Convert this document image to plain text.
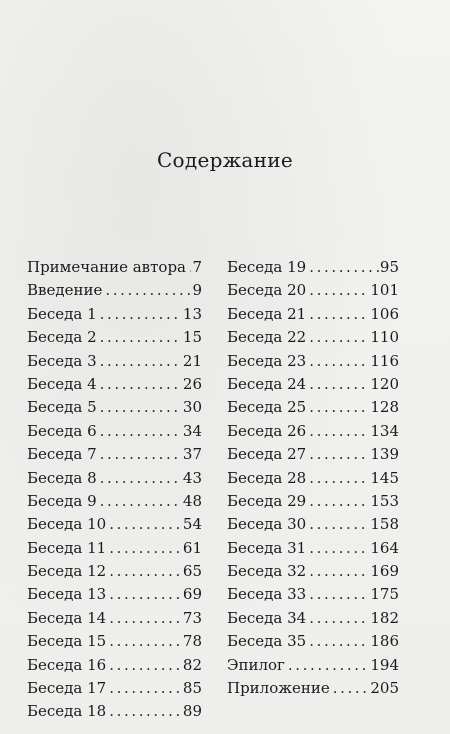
Содержание
Примечание автора ..... 7
Введение .....	9
Беседа 1 .....	13
Беседа 2 .....	15
Беседа 3 .....	21
Беседа 4 .....	26
Беседа 5 .....	30
Беседа 6 .....	34
Беседа 7 .....	37
Беседа 8 .....	43
Беседа 9 .....	48
Беседа 10 .....	54
Беседа 11 .....	61
Беседа 12 .....	65
Беседа 13 .....	69
Беседа 14 .....	73
Беседа 15 .....	78
Беседа 16 .....	82
Беседа 17 .....	85
Беседа 18 .....	89
Беседа 19 .....	95
Беседа 20 .....	101
Беседа 21 .....	106
Беседа 22 .....	110
Беседа 23 .....	116
Беседа 24 .....	120
Беседа 25 .....	128
Беседа 26 .....	134
Беседа 27 .....	139
Беседа 28 .....	145
Беседа 29 .....	153
Беседа 30 .....	158
Беседа 31 .....	164
Беседа 32 .....	169
Беседа 33 .....	175
Беседа 34 .....	182
Беседа 35 .....	186
Эпилог .....	194
Приложение .....	205
